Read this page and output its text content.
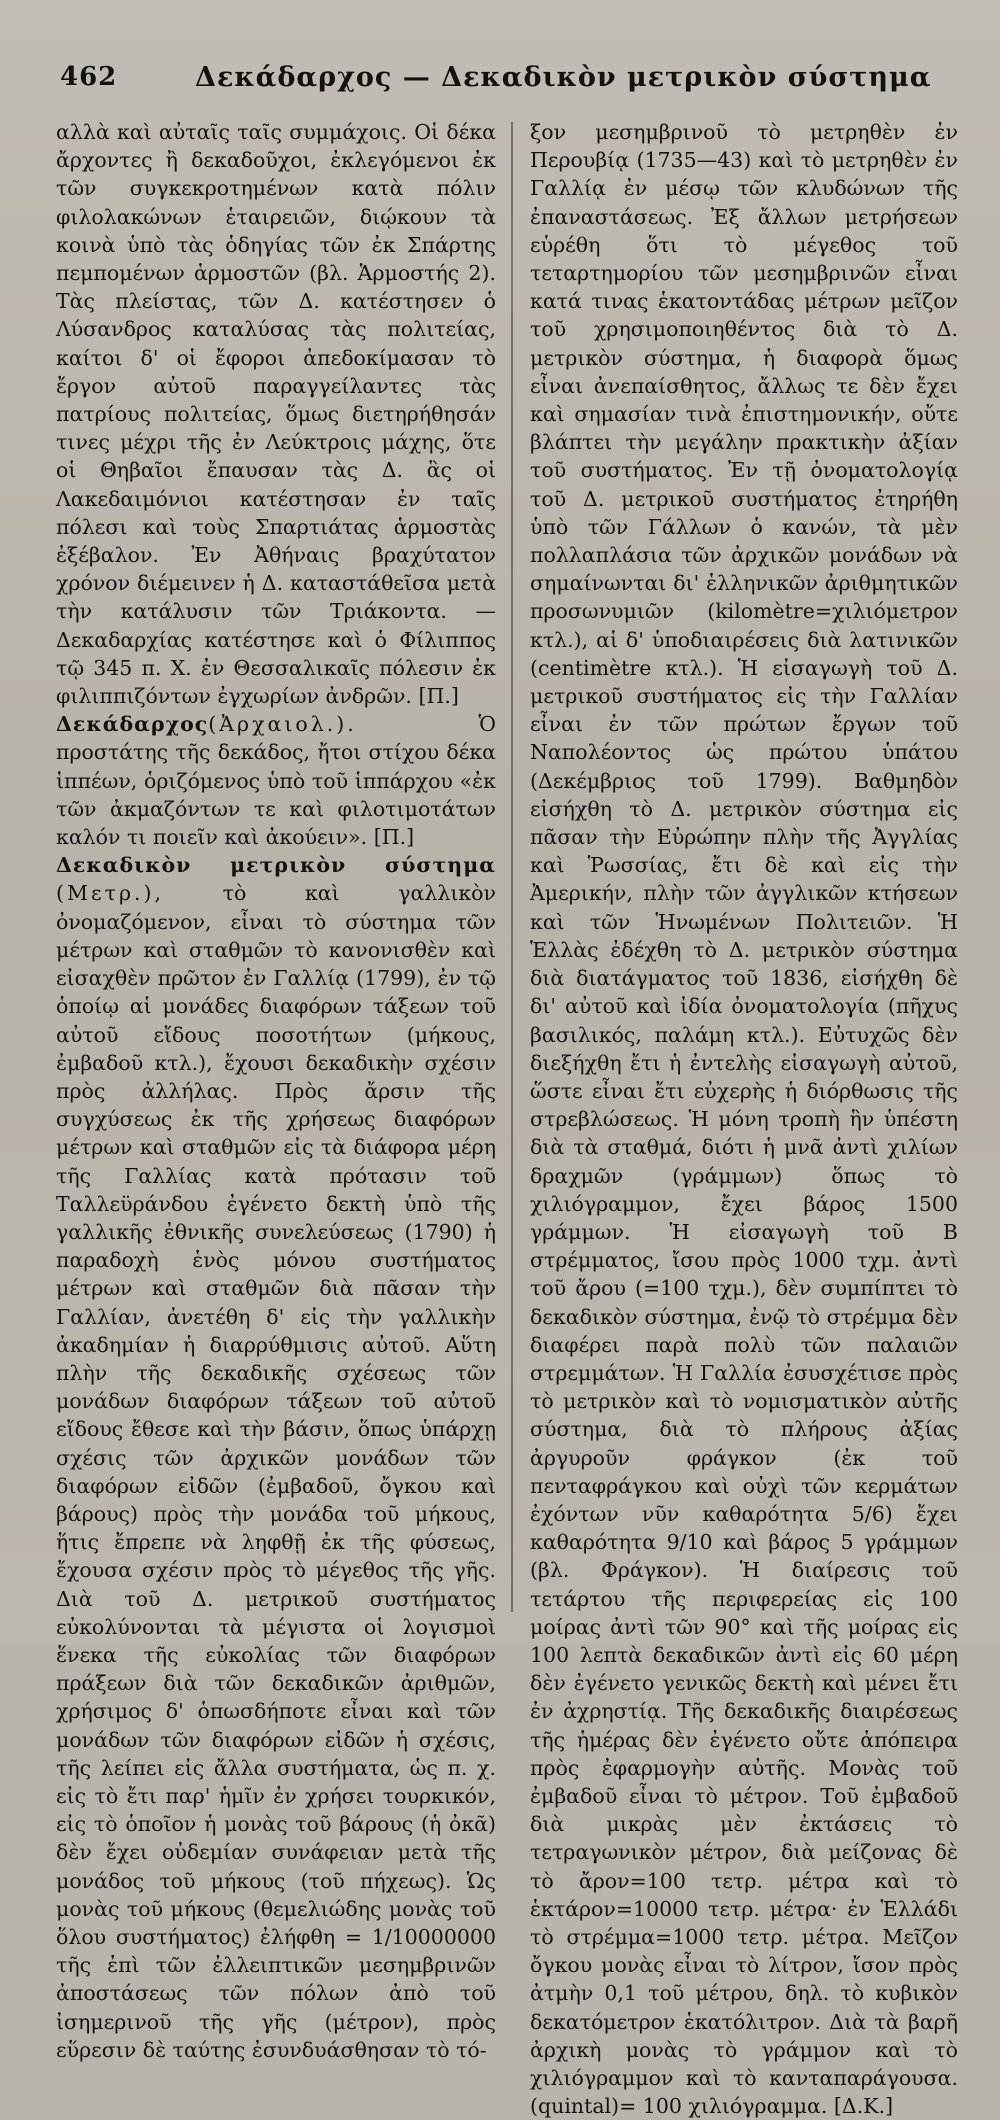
462	Δεκάδαρχος — Δεκαδικὸν μετρικὸν σύστημα

αλλὰ καὶ αὐταῖς ταῖς συμμάχοις. Οἱ δέκα ἄρχοντες ἢ δεκαδοῦχοι, ἐκλεγόμενοι ἐκ τῶν συγκεκροτημένων κατὰ πόλιν φιλολακώνων ἑταιρειῶν, διῴκουν τὰ κοινὰ ὑπὸ τὰς ὁδηγίας τῶν ἐκ Σπάρτης πεμπομένων ἁρμοστῶν (βλ. Ἁρμοστής 2). Τὰς πλείστας, τῶν Δ. κατέστησεν ὁ Λύσανδρος καταλύσας τὰς πολιτείας, καίτοι δ' οἱ ἔφοροι ἀπεδοκίμασαν τὸ ἔργον αὐτοῦ παραγγείλαντες τὰς πατρίους πολιτείας, ὅμως διετηρήθησάν τινες μέχρι τῆς ἐν Λεύκτροις μάχης, ὅτε οἱ Θηβαῖοι ἔπαυσαν τὰς Δ. ἃς οἱ Λακεδαιμόνιοι κατέστησαν ἐν ταῖς πόλεσι καὶ τοὺς Σπαρτιάτας ἁρμοστὰς ἐξέβαλον. Ἐν Ἀθήναις βραχύτατον χρόνον διέμεινεν ἡ Δ. καταστάθεῖσα μετὰ τὴν κατάλυσιν τῶν Τριάκοντα. — Δεκαδαρχίας κατέστησε καὶ ὁ Φίλιππος τῷ 345 π. Χ. ἐν Θεσσαλικαῖς πόλεσιν ἐκ φιλιππιζόντων ἐγχωρίων ἀνδρῶν. [Π.]

Δεκάδαρχος(Ἀρχαιολ.). Ὁ προστάτης τῆς δεκάδος, ἤτοι στίχου δέκα ἱππέων, ὁριζόμενος ὑπὸ τοῦ ἱππάρχου «ἐκ τῶν ἀκμαζόντων τε καὶ φιλοτιμοτάτων καλόν τι ποιεῖν καὶ ἀκούειν». [Π.]

Δεκαδικὸν μετρικὸν σύστημα (Μετρ.), τὸ καὶ γαλλικὸν ὀνομαζόμενον, εἶναι τὸ σύστημα τῶν μέτρων καὶ σταθμῶν τὸ κανονισθὲν καὶ εἰσαχθὲν πρῶτον ἐν Γαλλίᾳ (1799), ἐν τῷ ὁποίῳ αἱ μονάδες διαφόρων τάξεων τοῦ αὐτοῦ εἴδους ποσοτήτων (μήκους, ἐμβαδοῦ κτλ.), ἔχουσι δεκαδικὴν σχέσιν πρὸς ἀλλήλας. Πρὸς ἄρσιν τῆς συγχύσεως ἐκ τῆς χρήσεως διαφόρων μέτρων καὶ σταθμῶν εἰς τὰ διάφορα μέρη τῆς Γαλλίας κατὰ πρότασιν τοῦ Ταλλεϋράνδου ἐγένετο δεκτὴ ὑπὸ τῆς γαλλικῆς ἐθνικῆς συνελεύσεως (1790) ἡ παραδοχὴ ἑνὸς μόνου συστήματος μέτρων καὶ σταθμῶν διὰ πᾶσαν τὴν Γαλλίαν, ἀνετέθη δ' εἰς τὴν γαλλικὴν ἀκαδημίαν ἡ διαρρύθμισις αὐτοῦ. Αὕτη πλὴν τῆς δεκαδικῆς σχέσεως τῶν μονάδων διαφόρων τάξεων τοῦ αὐτοῦ εἴδους ἔθεσε καὶ τὴν βάσιν, ὅπως ὑπάρχῃ σχέσις τῶν ἀρχικῶν μονάδων τῶν διαφόρων εἰδῶν (ἐμβαδοῦ, ὄγκου καὶ βάρους) πρὸς τὴν μονάδα τοῦ μήκους, ἥτις ἔπρεπε νὰ ληφθῇ ἐκ τῆς φύσεως, ἔχουσα σχέσιν πρὸς τὸ μέγεθος τῆς γῆς. Διὰ τοῦ Δ. μετρικοῦ συστήματος εὐκολύνονται τὰ μέγιστα οἱ λογισμοὶ ἕνεκα τῆς εὐκολίας τῶν διαφόρων πράξεων διὰ τῶν δεκαδικῶν ἀριθμῶν, χρήσιμος δ' ὁπωσδήποτε εἶναι καὶ τῶν μονάδων τῶν διαφόρων εἰδῶν ἡ σχέσις, τῆς λείπει εἰς ἄλλα συστήματα, ὡς π. χ. εἰς τὸ ἔτι παρ' ἡμῖν ἐν χρήσει τουρκικόν, εἰς τὸ ὁποῖον ἡ μονὰς τοῦ βάρους (ἡ ὀκᾶ) δὲν ἔχει οὐδεμίαν συνάφειαν μετὰ τῆς μονάδος τοῦ μήκους (τοῦ πήχεως). Ὡς μονὰς τοῦ μήκους (θεμελιώδης μονὰς τοῦ ὅλου συστήματος) ἐλήφθη = 1/10000000 τῆς ἐπὶ τῶν ἐλλειπτικῶν μεσημβρινῶν ἀποστάσεως τῶν πόλων ἀπὸ τοῦ ἰσημερινοῦ τῆς γῆς (μέτρον), πρὸς εὕρεσιν δὲ ταύτης ἐσυνδυάσθησαν τὸ τό-

ξον μεσημβρινοῦ τὸ μετρηθὲν ἐν Περουβίᾳ (1735—43) καὶ τὸ μετρηθὲν ἐν Γαλλίᾳ ἐν μέσῳ τῶν κλυδώνων τῆς ἐπαναστάσεως. Ἐξ ἄλλων μετρήσεων εὑρέθη ὅτι τὸ μέγεθος τοῦ τεταρτημορίου τῶν μεσημβρινῶν εἶναι κατά τινας ἑκατοντάδας μέτρων μεῖζον τοῦ χρησιμοποιηθέντος διὰ τὸ Δ. μετρικὸν σύστημα, ἡ διαφορὰ ὅμως εἶναι ἀνεπαίσθητος, ἄλλως τε δὲν ἔχει καὶ σημασίαν τινὰ ἐπιστημονικήν, οὔτε βλάπτει τὴν μεγάλην πρακτικὴν ἀξίαν τοῦ συστήματος. Ἐν τῇ ὀνοματολογίᾳ τοῦ Δ. μετρικοῦ συστήματος ἐτηρήθη ὑπὸ τῶν Γάλλων ὁ κανών, τὰ μὲν πολλαπλάσια τῶν ἀρχικῶν μονάδων νὰ σημαίνωνται δι' ἑλληνικῶν ἀριθμητικῶν προσωνυμιῶν (kilomètre=χιλιόμετρον κτλ.), αἱ δ' ὑποδιαιρέσεις διὰ λατινικῶν (centimètre κτλ.). Ἡ εἰσαγωγὴ τοῦ Δ. μετρικοῦ συστήματος εἰς τὴν Γαλλίαν εἶναι ἐν τῶν πρώτων ἔργων τοῦ Ναπολέοντος ὡς πρώτου ὑπάτου (Δεκέμβριος τοῦ 1799). Βαθμηδὸν εἰσήχθη τὸ Δ. μετρικὸν σύστημα εἰς πᾶσαν τὴν Εὐρώπην πλὴν τῆς Ἀγγλίας καὶ Ῥωσσίας, ἔτι δὲ καὶ εἰς τὴν Ἀμερικήν, πλὴν τῶν ἀγγλικῶν κτήσεων καὶ τῶν Ἡνωμένων Πολιτειῶν. Ἡ Ἑλλὰς ἐδέχθη τὸ Δ. μετρικὸν σύστημα διὰ διατάγματος τοῦ 1836, εἰσήχθη δὲ δι' αὐτοῦ καὶ ἰδία ὀνοματολογία (πῆχυς βασιλικός, παλάμη κτλ.). Εὐτυχῶς δὲν διεξήχθη ἔτι ἡ ἐντελὴς εἰσαγωγὴ αὐτοῦ, ὥστε εἶναι ἔτι εὐχερὴς ἡ διόρθωσις τῆς στρεβλώσεως. Ἡ μόνη τροπὴ ἣν ὑπέστη διὰ τὰ σταθμά, διότι ἡ μνᾶ ἀντὶ χιλίων δραχμῶν (γράμμων) ὅπως τὸ χιλιόγραμμον, ἔχει βάρος 1500 γράμμων. Ἡ εἰσαγωγὴ τοῦ Β στρέμματος, ἴσου πρὸς 1000 τχμ. ἀντὶ τοῦ ἄρου (=100 τχμ.), δὲν συμπίπτει τὸ δεκαδικὸν σύστημα, ἐνῷ τὸ στρέμμα δὲν διαφέρει παρὰ πολὺ τῶν παλαιῶν στρεμμάτων. Ἡ Γαλλία ἐσυσχέτισε πρὸς τὸ μετρικὸν καὶ τὸ νομισματικὸν αὐτῆς σύστημα, διὰ τὸ πλήρους ἀξίας ἀργυροῦν φράγκον (ἐκ τοῦ πενταφράγκου καὶ οὐχὶ τῶν κερμάτων ἐχόντων νῦν καθαρότητα 5/6) ἔχει καθαρότητα 9/10 καὶ βάρος 5 γράμμων (βλ. Φράγκον). Ἡ διαίρεσις τοῦ τετάρτου τῆς περιφερείας εἰς 100 μοίρας ἀντὶ τῶν 90° καὶ τῆς μοίρας εἰς 100 λεπτὰ δεκαδικῶν ἀντὶ εἰς 60 μέρη δὲν ἐγένετο γενικῶς δεκτὴ καὶ μένει ἔτι ἐν ἀχρηστίᾳ. Τῆς δεκαδικῆς διαιρέσεως τῆς ἡμέρας δὲν ἐγένετο οὔτε ἀπόπειρα πρὸς ἐφαρμογὴν αὐτῆς. Μονὰς τοῦ ἐμβαδοῦ εἶναι τὸ μέτρον. Τοῦ ἐμβαδοῦ διὰ μικρὰς μὲν ἐκτάσεις τὸ τετραγωνικὸν μέτρον, διὰ μείζονας δὲ τὸ ἄρον=100 τετρ. μέτρα καὶ τὸ ἑκτάρον=10000 τετρ. μέτρα· ἐν Ἑλλάδι τὸ στρέμμα=1000 τετρ. μέτρα. Μεῖζον ὄγκου μονὰς εἶναι τὸ λίτρον, ἴσον πρὸς ἀτμὴν 0,1 τοῦ μέτρου, δηλ. τὸ κυβικὸν δεκατόμετρον ἑκατόλιτρον. Διὰ τὰ βαρῆ ἀρχικὴ μονὰς τὸ γράμμον καὶ τὸ χιλιόγραμμον καὶ τὸ κανταπαράγουσα. (quintal)= 100 χιλιόγραμμα. [Δ.Κ.]
